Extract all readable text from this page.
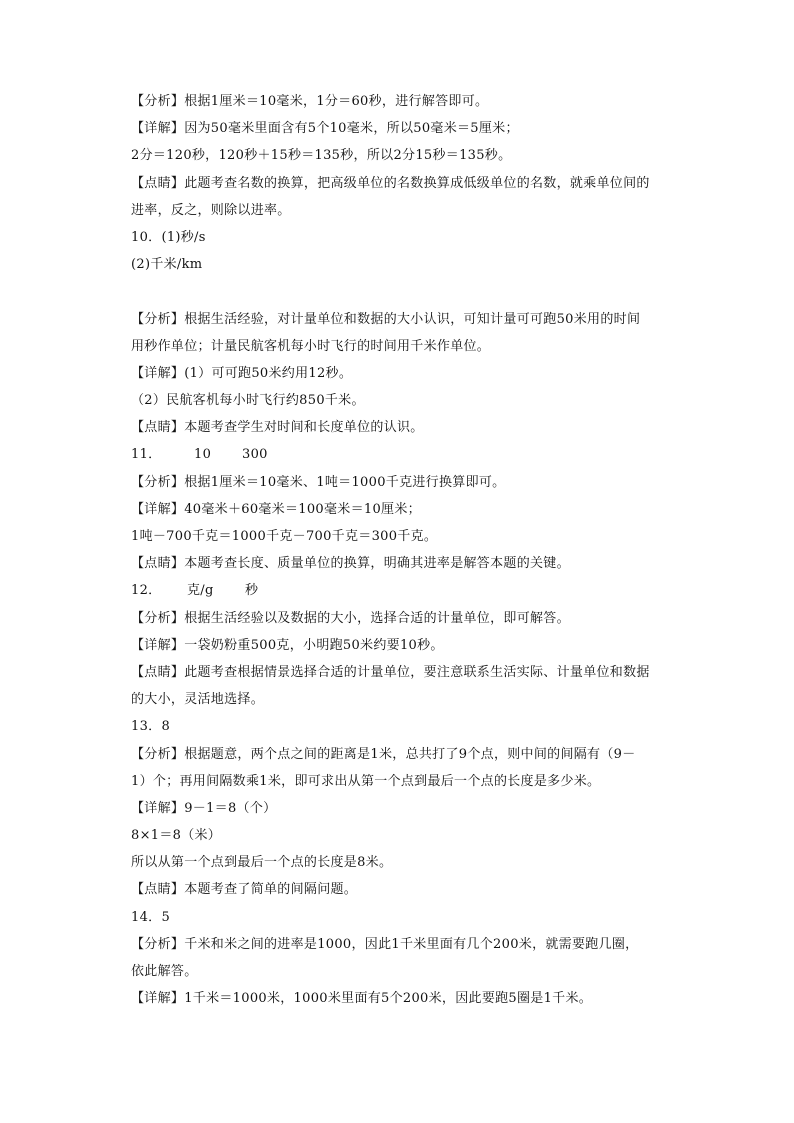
【分析】根据1厘米＝10毫米，1分＝60秒，进行解答即可。
【详解】因为50毫米里面含有5个10毫米，所以50毫米＝5厘米；
2分＝120秒，120秒＋15秒＝135秒，所以2分15秒＝135秒。
【点睛】此题考查名数的换算，把高级单位的名数换算成低级单位的名数，就乘单位间的
进率，反之，则除以进率。
10．(1)秒/s
(2)千米/km
【分析】根据生活经验，对计量单位和数据的大小认识，可知计量可可跑50米用的时间
用秒作单位；计量民航客机每小时飞行的时间用千米作单位。
【详解】(1）可可跑50米约用12秒。
（2）民航客机每小时飞行约850千米。
【点睛】本题考查学生对时间和长度单位的认识。
11．	10 300
【分析】根据1厘米＝10毫米、1吨＝1000千克进行换算即可。
【详解】40毫米＋60毫米＝100毫米＝10厘米；
1吨－700千克＝1000千克－700千克＝300千克。
【点睛】本题考查长度、质量单位的换算，明确其进率是解答本题的关键。
12． 克/g 秒
【分析】根据生活经验以及数据的大小，选择合适的计量单位，即可解答。
【详解】一袋奶粉重500克，小明跑50米约要10秒。
【点睛】此题考查根据情景选择合适的计量单位，要注意联系生活实际、计量单位和数据
的大小，灵活地选择。
13．8
【分析】根据题意，两个点之间的距离是1米，总共打了9个点，则中间的间隔有（9－
1）个；再用间隔数乘1米，即可求出从第一个点到最后一个点的长度是多少米。
【详解】9－1＝8（个）
8×1＝8（米）
所以从第一个点到最后一个点的长度是8米。
【点睛】本题考查了简单的间隔问题。
14．5
【分析】千米和米之间的进率是1000，因此1千米里面有几个200米，就需要跑几圈，
依此解答。
【详解】1千米＝1000米，1000米里面有5个200米，因此要跑5圈是1千米。
